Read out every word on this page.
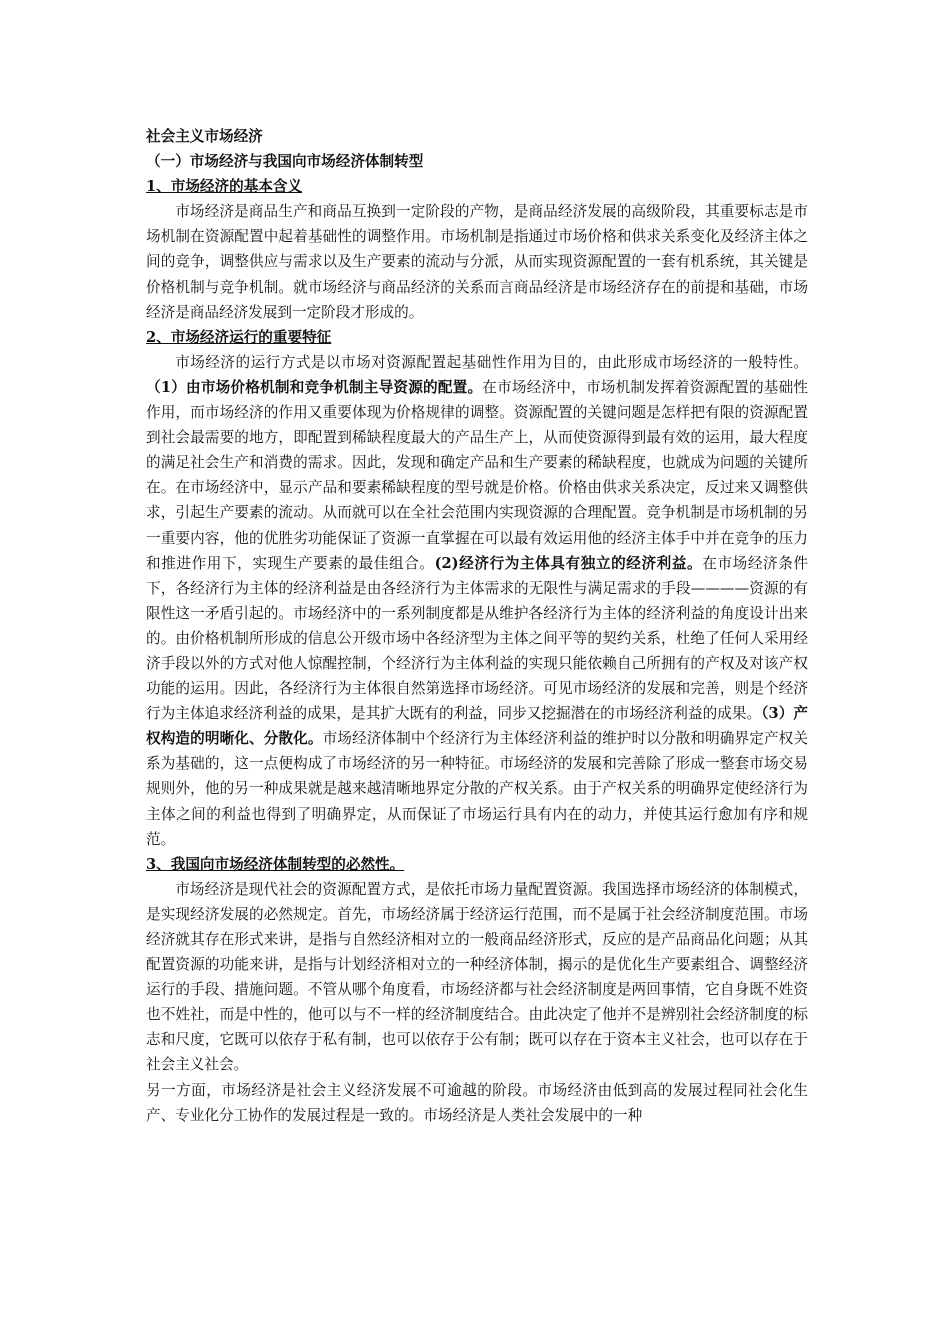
社会主义市场经济

（一）市场经济与我国向市场经济体制转型

1、市场经济的基本含义

市场经济是商品生产和商品互换到一定阶段的产物，是商品经济发展的高级阶段，其重要标志是市场机制在资源配置中起着基础性的调整作用。市场机制是指通过市场价格和供求关系变化及经济主体之间的竞争，调整供应与需求以及生产要素的流动与分派，从而实现资源配置的一套有机系统，其关键是价格机制与竞争机制。就市场经济与商品经济的关系而言商品经济是市场经济存在的前提和基础，市场经济是商品经济发展到一定阶段才形成的。

2、市场经济运行的重要特征

市场经济的运行方式是以市场对资源配置起基础性作用为目的，由此形成市场经济的一般特性。（1）由市场价格机制和竞争机制主导资源的配置。在市场经济中，市场机制发挥着资源配置的基础性作用，而市场经济的作用又重要体现为价格规律的调整。资源配置的关键问题是怎样把有限的资源配置到社会最需要的地方，即配置到稀缺程度最大的产品生产上，从而使资源得到最有效的运用，最大程度的满足社会生产和消费的需求。因此，发现和确定产品和生产要素的稀缺程度，也就成为问题的关键所在。在市场经济中，显示产品和要素稀缺程度的型号就是价格。价格由供求关系决定，反过来又调整供求，引起生产要素的流动。从而就可以在全社会范围内实现资源的合理配置。竞争机制是市场机制的另一重要内容，他的优胜劣功能保证了资源一直掌握在可以最有效运用他的经济主体手中并在竞争的压力和推进作用下，实现生产要素的最佳组合。(2)经济行为主体具有独立的经济利益。在市场经济条件下，各经济行为主体的经济利益是由各经济行为主体需求的无限性与满足需求的手段————资源的有限性这一矛盾引起的。市场经济中的一系列制度都是从维护各经济行为主体的经济利益的角度设计出来的。由价格机制所形成的信息公开级市场中各经济型为主体之间平等的契约关系，杜绝了任何人采用经济手段以外的方式对他人惊醒控制，个经济行为主体利益的实现只能依赖自己所拥有的产权及对该产权功能的运用。因此，各经济行为主体很自然第选择市场经济。可见市场经济的发展和完善，则是个经济行为主体追求经济利益的成果，是其扩大既有的利益，同步又挖掘潜在的市场经济利益的成果。（3）产权构造的明晰化、分散化。市场经济体制中个经济行为主体经济利益的维护时以分散和明确界定产权关系为基础的，这一点便构成了市场经济的另一种特征。市场经济的发展和完善除了形成一整套市场交易规则外，他的另一种成果就是越来越清晰地界定分散的产权关系。由于产权关系的明确界定使经济行为主体之间的利益也得到了明确界定，从而保证了市场运行具有内在的动力，并使其运行愈加有序和规范。

3、我国向市场经济体制转型的必然性。

市场经济是现代社会的资源配置方式，是依托市场力量配置资源。我国选择市场经济的体制模式，是实现经济发展的必然规定。首先，市场经济属于经济运行范围，而不是属于社会经济制度范围。市场经济就其存在形式来讲，是指与自然经济相对立的一般商品经济形式，反应的是产品商品化问题；从其配置资源的功能来讲，是指与计划经济相对立的一种经济体制，揭示的是优化生产要素组合、调整经济运行的手段、措施问题。不管从哪个角度看，市场经济都与社会经济制度是两回事情，它自身既不姓资也不姓社，而是中性的，他可以与不一样的经济制度结合。由此决定了他并不是辨别社会经济制度的标志和尺度，它既可以依存于私有制，也可以依存于公有制；既可以存在于资本主义社会，也可以存在于社会主义社会。

另一方面，市场经济是社会主义经济发展不可逾越的阶段。市场经济由低到高的发展过程同社会化生产、专业化分工协作的发展过程是一致的。市场经济是人类社会发展中的一种
